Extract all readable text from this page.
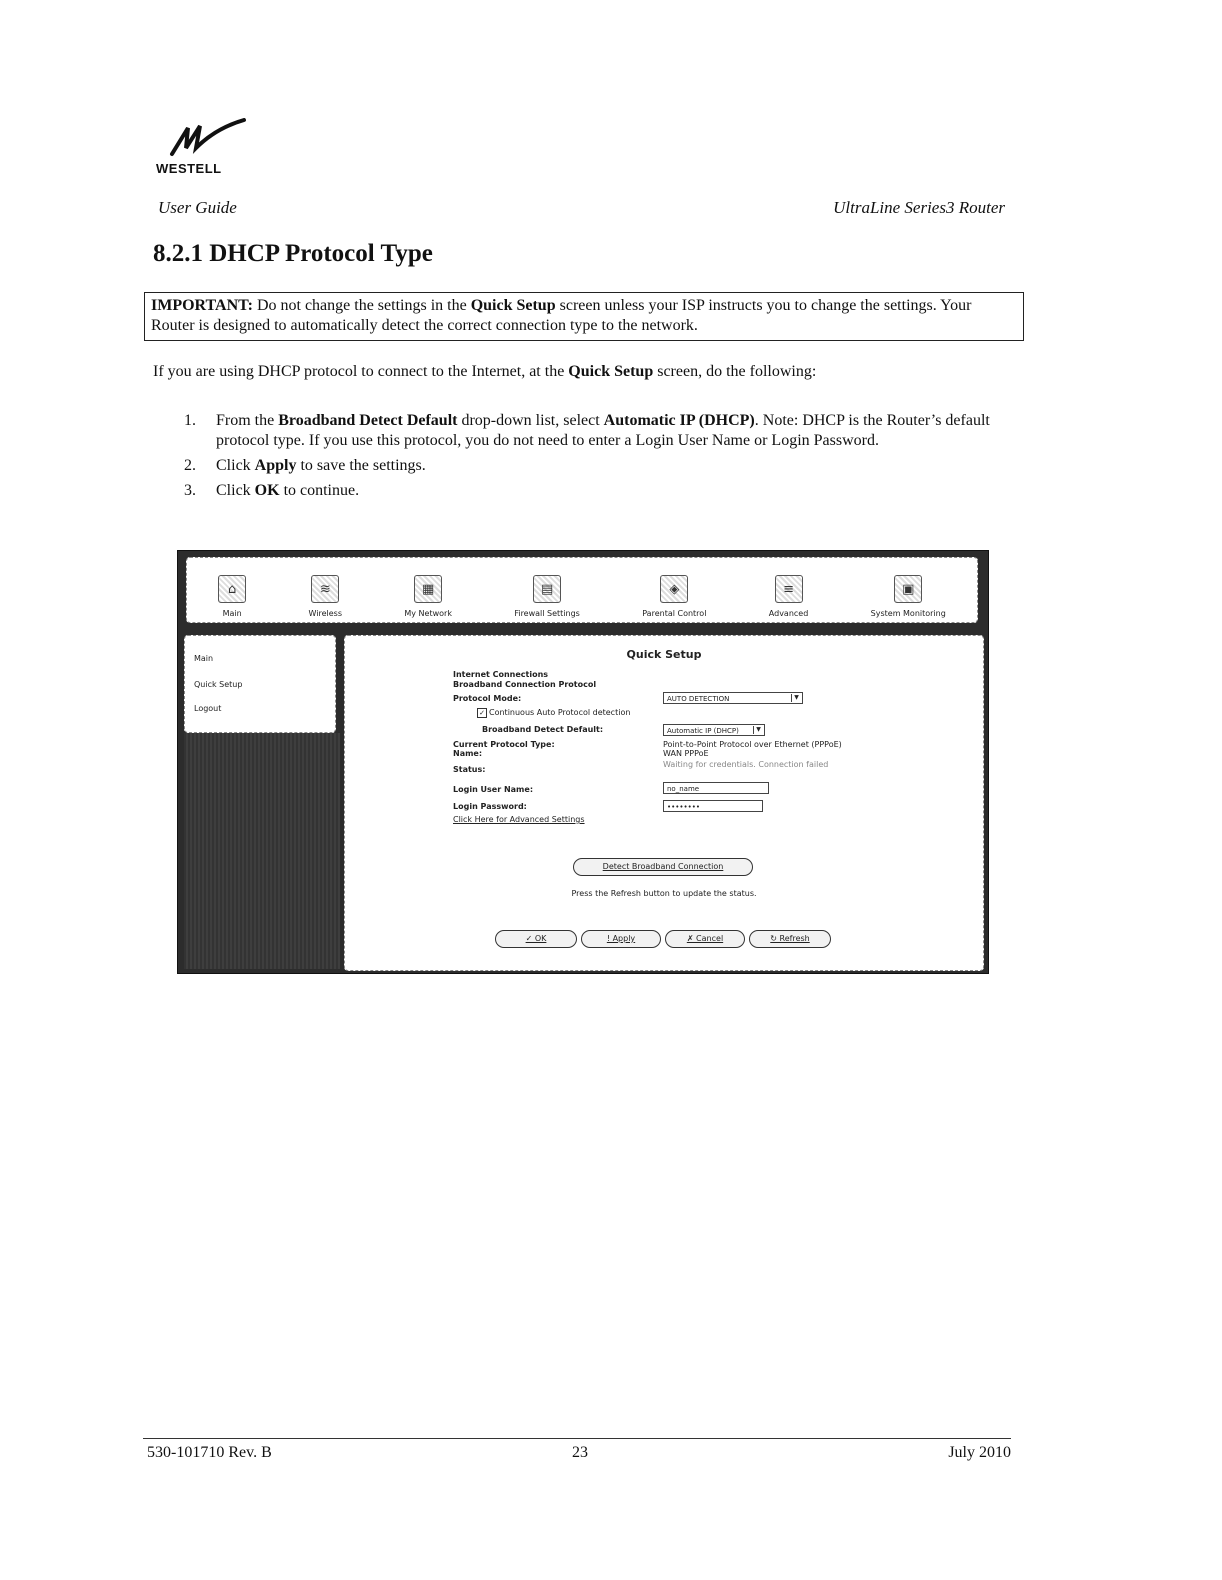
WESTELL
User Guide	UltraLine Series3 Router
8.2.1 DHCP Protocol Type
IMPORTANT: Do not change the settings in the Quick Setup screen unless your ISP instructs you to change the settings. Your Router is designed to automatically detect the correct connection type to the network.
If you are using DHCP protocol to connect to the Internet, at the Quick Setup screen, do the following:
1.	From the Broadband Detect Default drop-down list, select Automatic IP (DHCP). Note: DHCP is the Router’s default protocol type. If you use this protocol, you do not need to enter a Login User Name or Login Password.
2.	Click Apply to save the settings.
3.	Click OK to continue.
⌂
Main
≋
Wireless
▦
My Network
▤
Firewall Settings
◈
Parental Control
≡
Advanced
▣
System Monitoring
Main
Quick Setup
Logout
Quick Setup
Internet Connections
Broadband Connection Protocol
Protocol Mode:	AUTO DETECTION	▼
✓ Continuous Auto Protocol detection
Broadband Detect Default:	Automatic IP (DHCP)	▼
Current Protocol Type:	Point-to-Point Protocol over Ethernet (PPPoE)
Name:	WAN PPPoE
Status:
Waiting for credentials. Connection failed
Login User Name:	no_name
Login Password:	••••••••
Click Here for Advanced Settings
Detect Broadband Connection
Press the Refresh button to update the status.
✓ OK	! Apply	✗ Cancel	↻ Refresh
530-101710 Rev. B	23	July 2010
